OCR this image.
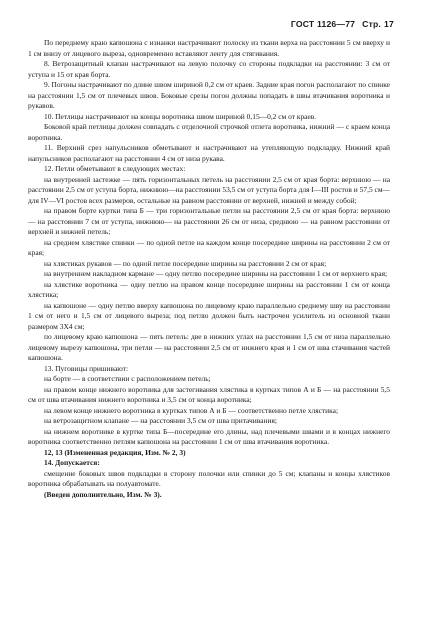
ГОСТ 1126—77 Стр. 17

По переднему краю капюшона с изнанки настрачивают полоску из ткани верха на расстоянии 5 см вверху и 1 см внизу от лицевого выреза, одновременно вставляют ленту для стягивания.

8. Ветрозащитный клапан настрачивают на левую полочку со стороны подкладки на расстоянии: 3 см от уступа и 15 от края борта.

9. Погоны настрачивают по длине швом шириной 0,2 см от краев. Задние края погон располагают по спинке на расстоянии 1,5 см от плечевых швов. Боковые срезы погон должны попадать в швы втачивания воротника и рукавов.

10. Петлицы настрачивают на концы воротника швом шириной 0,15—0,2 см от краев.

Боковой край петлицы должен совпадать с отделочной строчкой отлета воротника, нижний — с краем конца воротника.

11. Верхний срез напульсников обметывают и настрачивают на утепляющую подкладку. Нижний край напульсников располагают на расстоянии 4 см от низа рукава.

12. Петли обметывают в следующих местах:

на внутренней застежке — пять горизонтальных петель на расстоянии 2,5 см от края борта: верхнюю — на расстоянии 2,5 см от уступа борта, нижнюю—на расстоянии 53,5 см от уступа борта для I—III ростов и 57,5 см—для IV—VI ростов всех размеров, остальные на равном расстоянии от верхней, нижней и между собой;

на правом борте куртки типа Б — три горизонтальные петли на расстоянии 2,5 см от края борта: верхнюю — на расстоянии 7 см от уступа, нижнюю— на расстоянии 26 см от низа, среднюю — на равном расстоянии от верхней и нижней петель;

на среднем хлястике спинки — по одной петле на каждом конце посередине ширины на расстоянии 2 см от края;

на хлястиках рукавов — по одной петле посередине ширины на расстоянии 2 см от края;

на внутреннем накладном кармане — одну петлю посередине ширины на расстоянии 1 см от верхнего края;

на хлястике воротника — одну петлю на правом конце посередине ширины на расстоянии 1 см от конца хлястика;

на капюшоне — одну петлю вверху капюшона по лицевому краю параллельно среднему шву на расстоянии 1 см от него и 1,5 см от лицевого выреза; под петлю должен быть настрочен усилитель из основной ткани размером 3Х4 см;

по лицевому краю капюшона — пять петель: две в нижних углах на расстоянии 1,5 см от низа параллельно лицевому вырезу капюшона, три петли — на расстоянии 2,5 см от нижнего края и 1 см от шва стачивания частей капюшона.

13. Пуговицы пришивают:

на борте — в соответствии с расположением петель;

на правом конце нижнего воротника для застегивания хлястика в куртках типов А и Б — на расстоянии 5,5 см от шва втачивания нижнего воротника и 3,5 см от конца воротника;

на левом конце нижнего воротника в куртках типов А и Б — соответственно петле хлястика;

на ветрозащитном клапане — на расстоянии 3,5 см от шва притачивания;

на нижнем воротнике в куртке типа Б—посередине его длины, над плечевыми швами и в концах нижнего воротника соответственно петлям капюшона на расстоянии 1 см от шва втачивания воротника.

12, 13 (Измененная редакция, Изм. № 2, 3)

14. Допускается:

смещение боковых швов подкладки в сторону полочки или спинки до 5 см; клапаны и концы хлястиков воротника обрабатывать на полуавтомате.

(Введен дополнительно, Изм. № 3).
